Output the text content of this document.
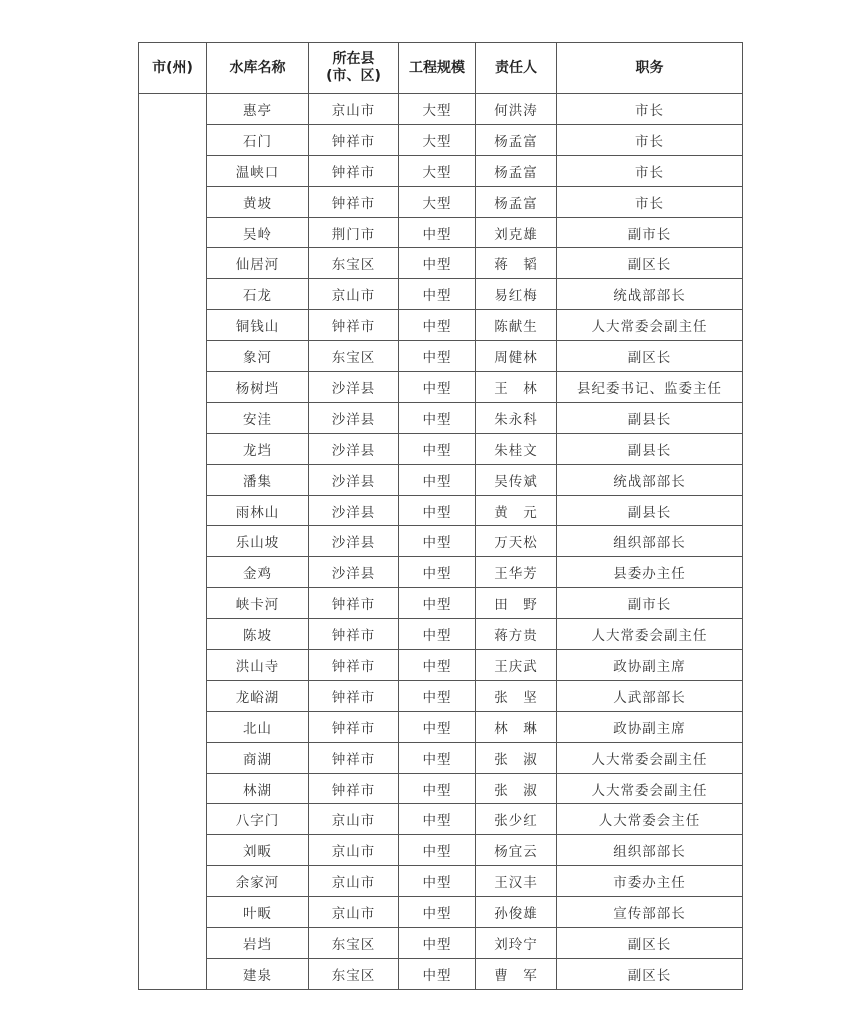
市(州)	水库名称	所在县
(市、区)	工程规模	责任人	职务
	惠亭	京山市	大型	何洪涛	市长
	石门	钟祥市	大型	杨孟富	市长
	温峡口	钟祥市	大型	杨孟富	市长
	黄坡	钟祥市	大型	杨孟富	市长
	吴岭	荆门市	中型	刘克雄	副市长
	仙居河	东宝区	中型	蒋　韬	副区长
	石龙	京山市	中型	易红梅	统战部部长
	铜钱山	钟祥市	中型	陈献生	人大常委会副主任
	象河	东宝区	中型	周健林	副区长
	杨树垱	沙洋县	中型	王　林	县纪委书记、监委主任
	安洼	沙洋县	中型	朱永科	副县长
	龙垱	沙洋县	中型	朱桂文	副县长
	潘集	沙洋县	中型	吴传斌	统战部部长
	雨林山	沙洋县	中型	黄　元	副县长
	乐山坡	沙洋县	中型	万天松	组织部部长
	金鸡	沙洋县	中型	王华芳	县委办主任
	峡卡河	钟祥市	中型	田　野	副市长
	陈坡	钟祥市	中型	蒋方贵	人大常委会副主任
	洪山寺	钟祥市	中型	王庆武	政协副主席
	龙峪湖	钟祥市	中型	张　坚	人武部部长
	北山	钟祥市	中型	林　琳	政协副主席
	商湖	钟祥市	中型	张　淑	人大常委会副主任
	林湖	钟祥市	中型	张　淑	人大常委会副主任
	八字门	京山市	中型	张少红	人大常委会主任
	刘畈	京山市	中型	杨宜云	组织部部长
	余家河	京山市	中型	王汉丰	市委办主任
	叶畈	京山市	中型	孙俊雄	宣传部部长
	岩垱	东宝区	中型	刘玲宁	副区长
	建泉	东宝区	中型	曹　军	副区长
